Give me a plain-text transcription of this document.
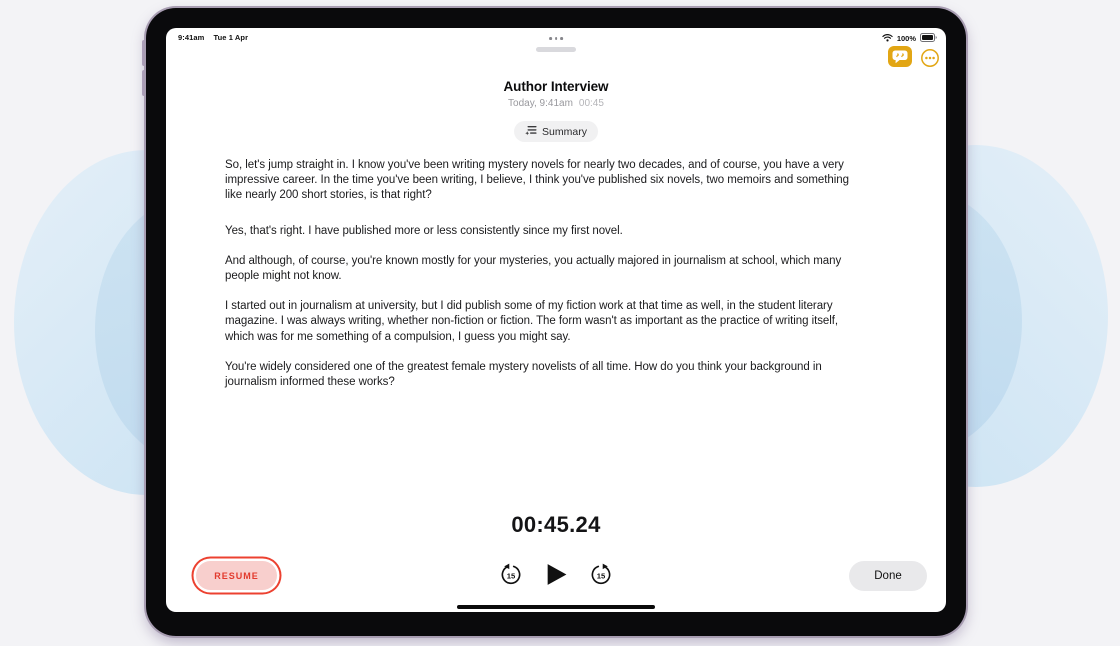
9:41am Tue 1 Apr	100%
Author Interview
Today, 9:41am 00:45
Summary

So, let's jump straight in. I know you've been writing mystery novels for nearly two decades, and of course, you have a very impressive career. In the time you've been writing, I believe, I think you've published six novels, two memoirs and something like nearly 200 short stories, is that right?

Yes, that's right. I have published more or less consistently since my first novel.

And although, of course, you're known mostly for your mysteries, you actually majored in journalism at school, which many people might not know.

I started out in journalism at university, but I did publish some of my fiction work at that time as well, in the student literary magazine. I was always writing, whether non-fiction or fiction. The form wasn't as important as the practice of writing itself, which was for me something of a compulsion, I guess you might say.

You're widely considered one of the greatest female mystery novelists of all time. How do you think your background in journalism informed these works?

00:45.24
15	15
RESUME	Done
